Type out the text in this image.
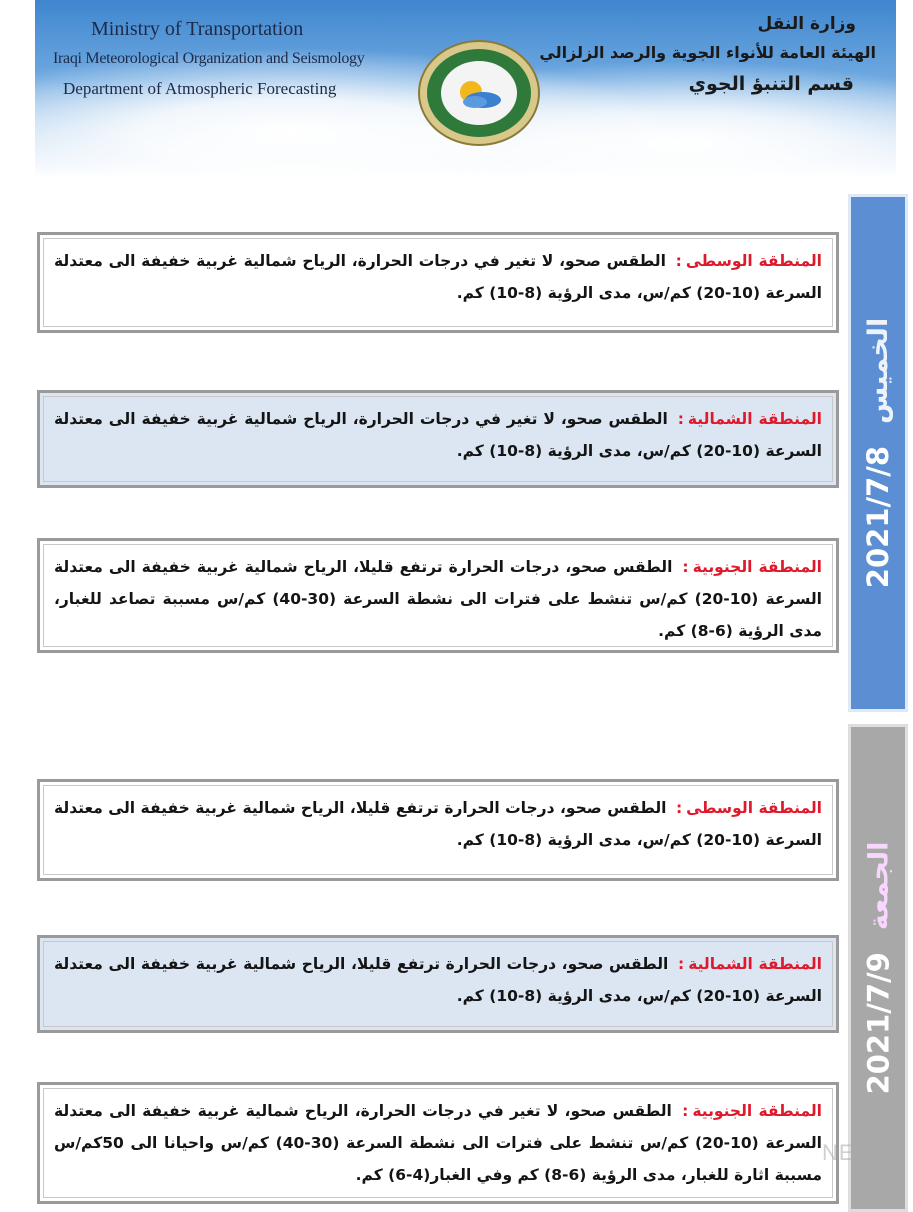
Ministry of Transportation
Iraqi Meteorological Organization and Seismology
Department of Atmospheric Forecasting
وزارة النقل
الهيئة العامة للأنواء الجوية والرصد الزلزالي
قسم التنبؤ الجوي
الخميس
2021/7/8
الجمعة
2021/7/9
المنطقة الوسطى: الطقس صحو، لا تغير في درجات الحرارة، الرياح شمالية غربية خفيفة الى معتدلة السرعة (10-20) كم/س، مدى الرؤية (8-10) كم.
المنطقة الشمالية: الطقس صحو، لا تغير في درجات الحرارة، الرياح شمالية غربية خفيفة الى معتدلة السرعة (10-20) كم/س، مدى الرؤية (8-10) كم.
المنطقة الجنوبية: الطقس صحو، درجات الحرارة ترتفع قليلا، الرياح شمالية غربية خفيفة الى معتدلة السرعة (10-20) كم/س تنشط على فترات الى نشطة السرعة (30-40) كم/س مسببة تصاعد للغبار، مدى الرؤية (6-8) كم.
المنطقة الوسطى: الطقس صحو، درجات الحرارة ترتفع قليلا، الرياح شمالية غربية خفيفة الى معتدلة السرعة (10-20) كم/س، مدى الرؤية (8-10) كم.
المنطقة الشمالية: الطقس صحو، درجات الحرارة ترتفع قليلا، الرياح شمالية غربية خفيفة الى معتدلة السرعة (10-20) كم/س، مدى الرؤية (8-10) كم.
المنطقة الجنوبية: الطقس صحو، لا تغير في درجات الحرارة، الرياح شمالية غربية خفيفة الى معتدلة السرعة (10-20) كم/س تنشط على فترات الى نشطة السرعة (30-40) كم/س واحيانا الى 50كم/س مسببة اثارة للغبار، مدى الرؤية (6-8) كم وفي الغبار(4-6) كم.
NEWS
